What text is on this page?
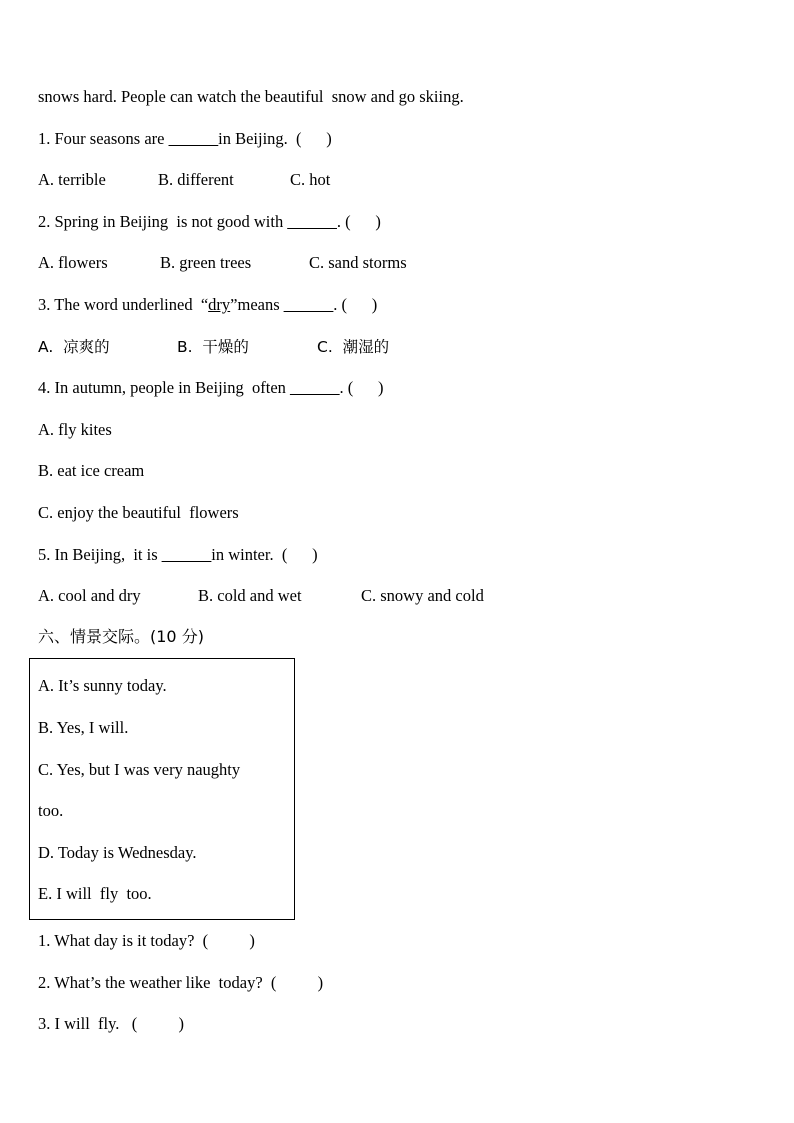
snows hard. People can watch the beautiful  snow and go skiing.
1. Four seasons are ______in Beijing.  (      )
A. terrible	B. different	C. hot
2. Spring in Beijing  is not good with ______. (      )
A. flowers	B. green trees	C. sand storms
3. The word underlined  “dry”means ______. (      )
A.  凉爽的	B.  干燥的	C.  潮湿的
4. In autumn, people in Beijing  often ______. (      )
A. fly kites
B. eat ice cream
C. enjoy the beautiful  flowers
5. In Beijing,  it is ______in winter.  (      )
A. cool and dry	B. cold and wet	C. snowy and cold
六、情景交际。(10 分)
A. It’s sunny today.
B. Yes, I will.
C. Yes, but I was very naughty
too.
D. Today is Wednesday.
E. I will  fly  too.
1. What day is it today?  (          )
2. What’s the weather like  today?  (          )
3. I will  fly.   (          )
